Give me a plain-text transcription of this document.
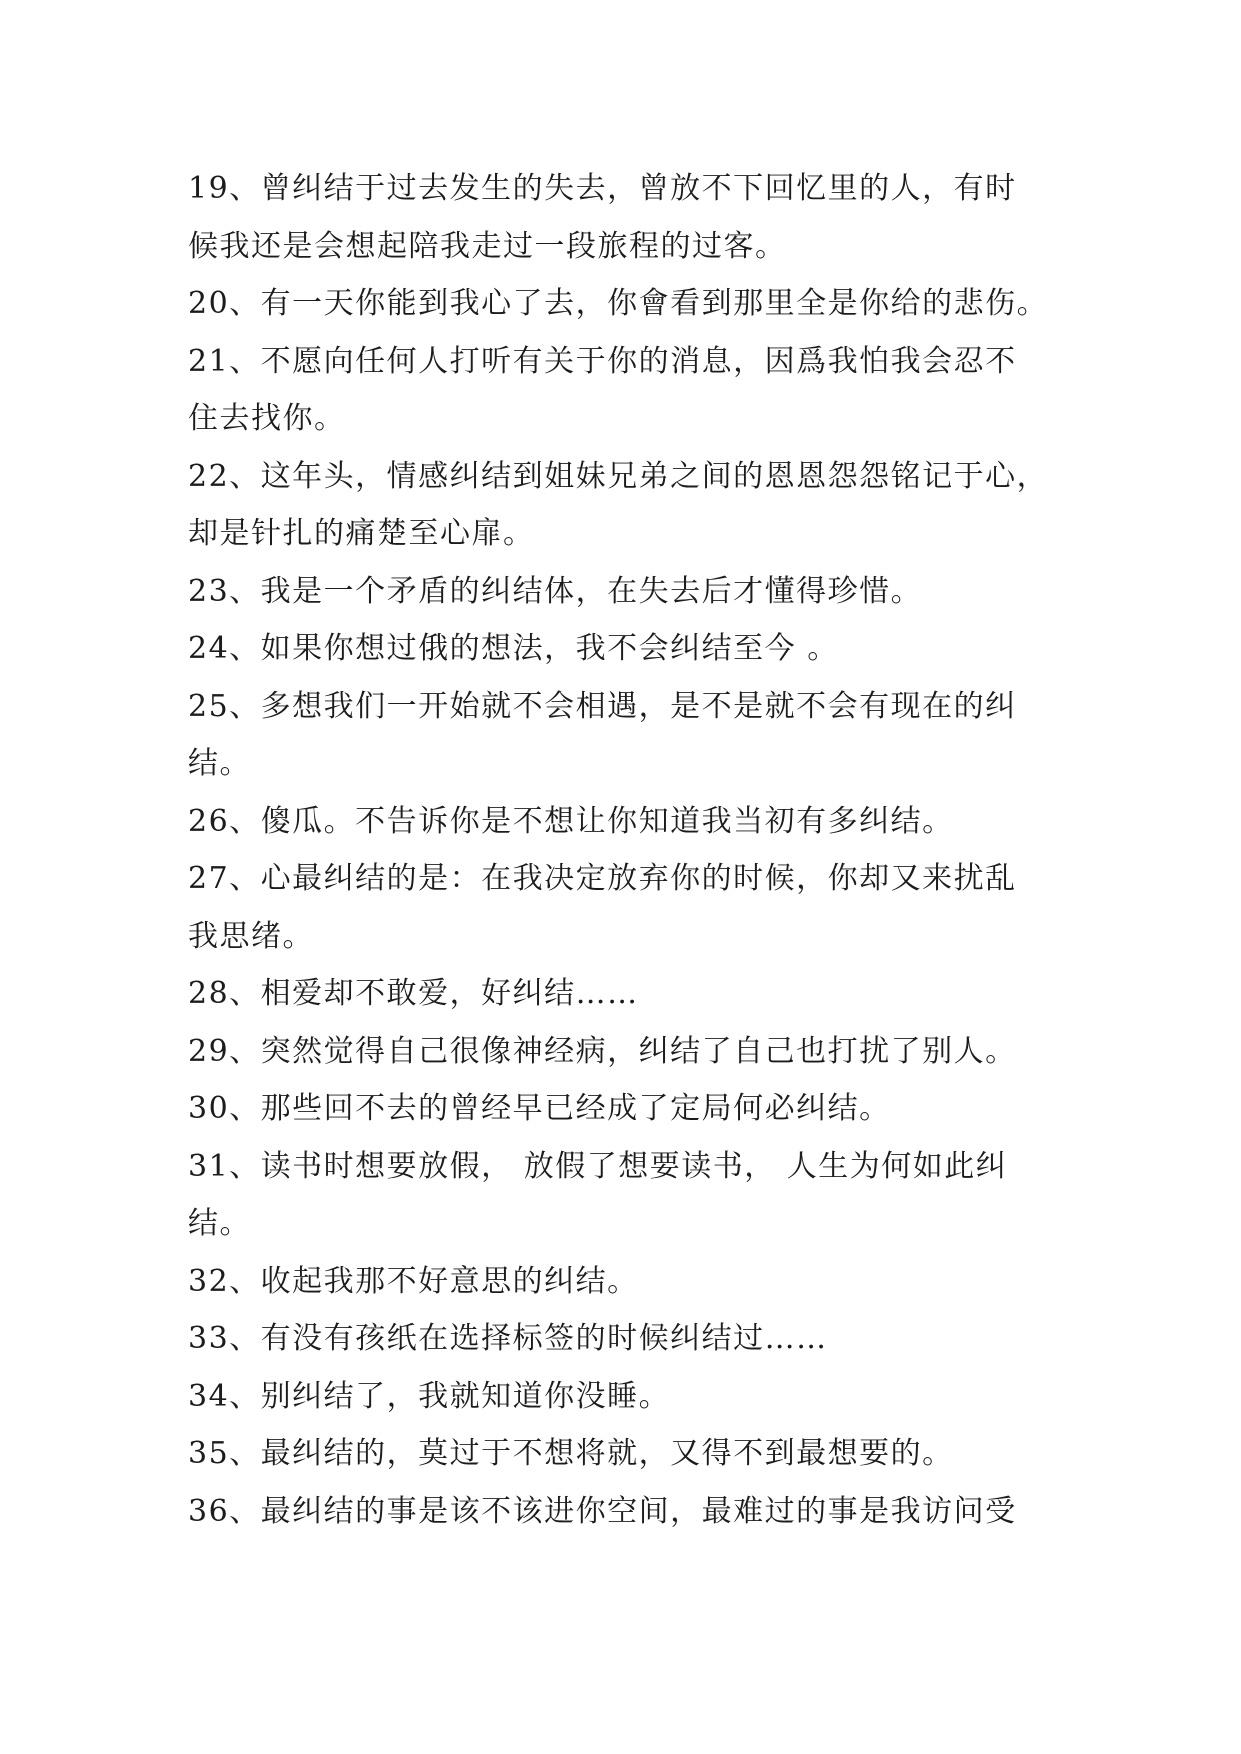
19、曾纠结于过去发生的失去，曾放不下回忆里的人，有时
候我还是会想起陪我走过一段旅程的过客。
20、有一天你能到我心了去，你會看到那里全是你给的悲伤。
21、不愿向任何人打听有关于你的消息，因爲我怕我会忍不
住去找你。
22、这年头，情感纠结到姐妹兄弟之间的恩恩怨怨铭记于心，
却是针扎的痛楚至心扉。
23、我是一个矛盾的纠结体，在失去后才懂得珍惜。
24、如果你想过俄的想法，我不会纠结至今 。
25、多想我们一开始就不会相遇，是不是就不会有现在的纠
结。
26、傻瓜。不告诉你是不想让你知道我当初有多纠结。
27、心最纠结的是：在我决定放弃你的时候，你却又来扰乱
我思绪。
28、相爱却不敢爱，好纠结……
29、突然觉得自己很像神经病，纠结了自己也打扰了别人。
30、那些回不去的曾经早已经成了定局何必纠结。
31、读书时想要放假， 放假了想要读书， 人生为何如此纠
结。
32、收起我那不好意思的纠结。
33、有没有孩纸在选择标签的时候纠结过……
34、别纠结了，我就知道你没睡。
35、最纠结的，莫过于不想将就，又得不到最想要的。
36、最纠结的事是该不该进你空间，最难过的事是我访问受
